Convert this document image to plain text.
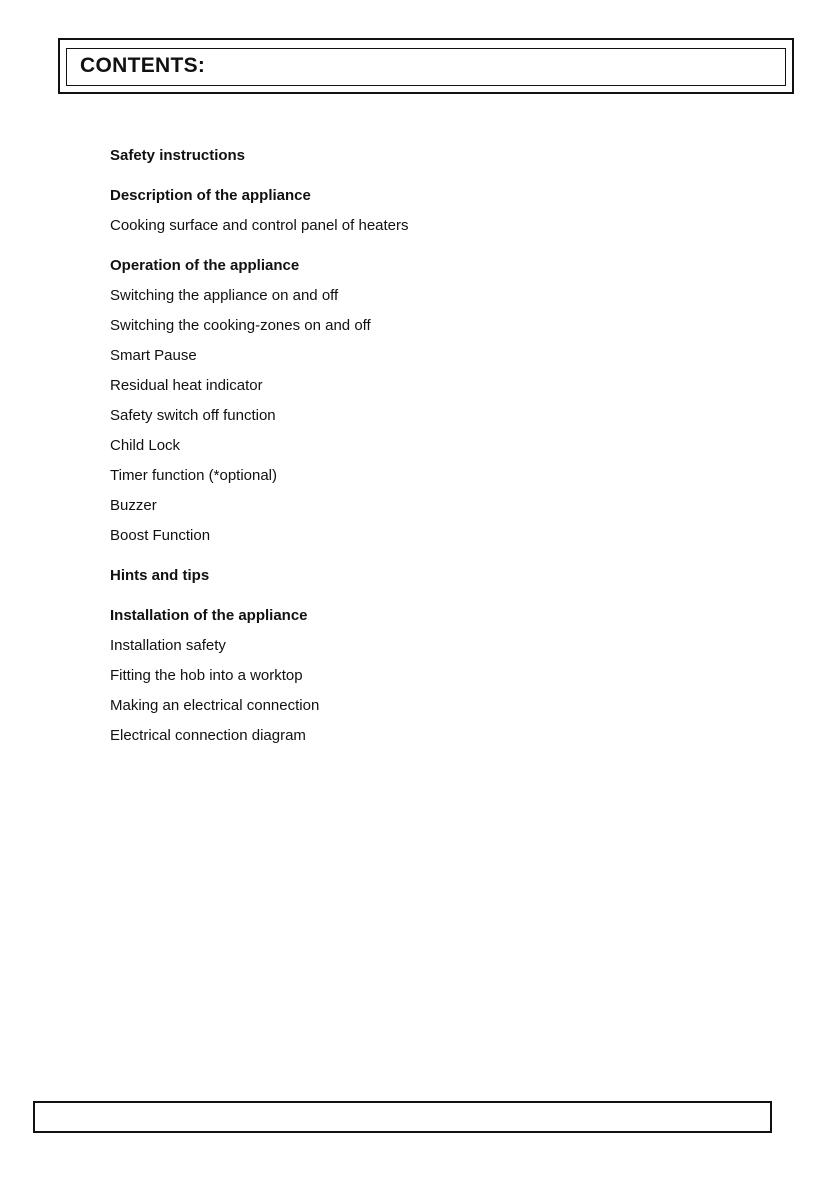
CONTENTS:
Safety instructions
Description of the appliance
Cooking surface and control panel of heaters
Operation of the appliance
Switching the appliance on and off
Switching the cooking-zones on and off
Smart Pause
Residual heat indicator
Safety switch off function
Child Lock
Timer function (*optional)
Buzzer
Boost Function
Hints and tips
Installation of the appliance
Installation safety
Fitting the hob into a worktop
Making an electrical connection
Electrical connection diagram
